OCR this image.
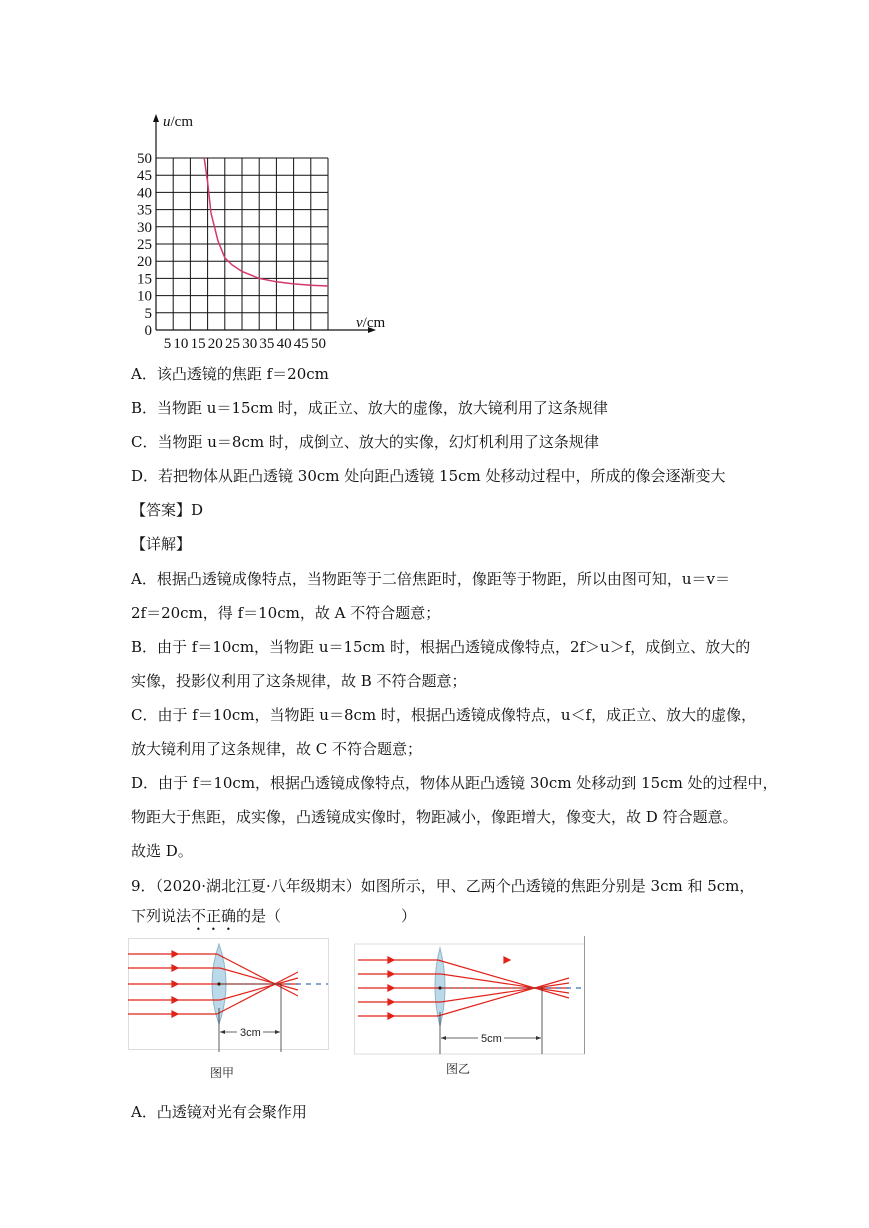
50
45
40
35
30
25
20
15
10
5
0
5 10 15 20 25 30 35 40 45 50
u/cm
v/cm
A．该凸透镜的焦距 f＝20cm
B．当物距 u＝15cm 时，成正立、放大的虚像，放大镜利用了这条规律
C．当物距 u＝8cm 时，成倒立、放大的实像，幻灯机利用了这条规律
D．若把物体从距凸透镜 30cm 处向距凸透镜 15cm 处移动过程中，所成的像会逐渐变大
【答案】D
【详解】
A．根据凸透镜成像特点，当物距等于二倍焦距时，像距等于物距，所以由图可知，u＝v＝
2f＝20cm，得 f＝10cm，故 A 不符合题意；
B．由于 f＝10cm，当物距 u＝15cm 时，根据凸透镜成像特点，2f＞u＞f，成倒立、放大的
实像，投影仪利用了这条规律，故 B 不符合题意；
C．由于 f＝10cm，当物距 u＝8cm 时，根据凸透镜成像特点，u＜f，成正立、放大的虚像，
放大镜利用了这条规律，故 C 不符合题意；
D．由于 f＝10cm，根据凸透镜成像特点，物体从距凸透镜 30cm 处移动到 15cm 处的过程中，
物距大于焦距，成实像，凸透镜成实像时，物距减小，像距增大，像变大，故 D 符合题意。
故选 D。
9．（2020·湖北江夏·八年级期末）如图所示，甲、乙两个凸透镜的焦距分别是 3cm 和 5cm，
下列说法不正确的是（　　　　　　　　）
3cm
图甲
5cm
图乙
A．凸透镜对光有会聚作用
